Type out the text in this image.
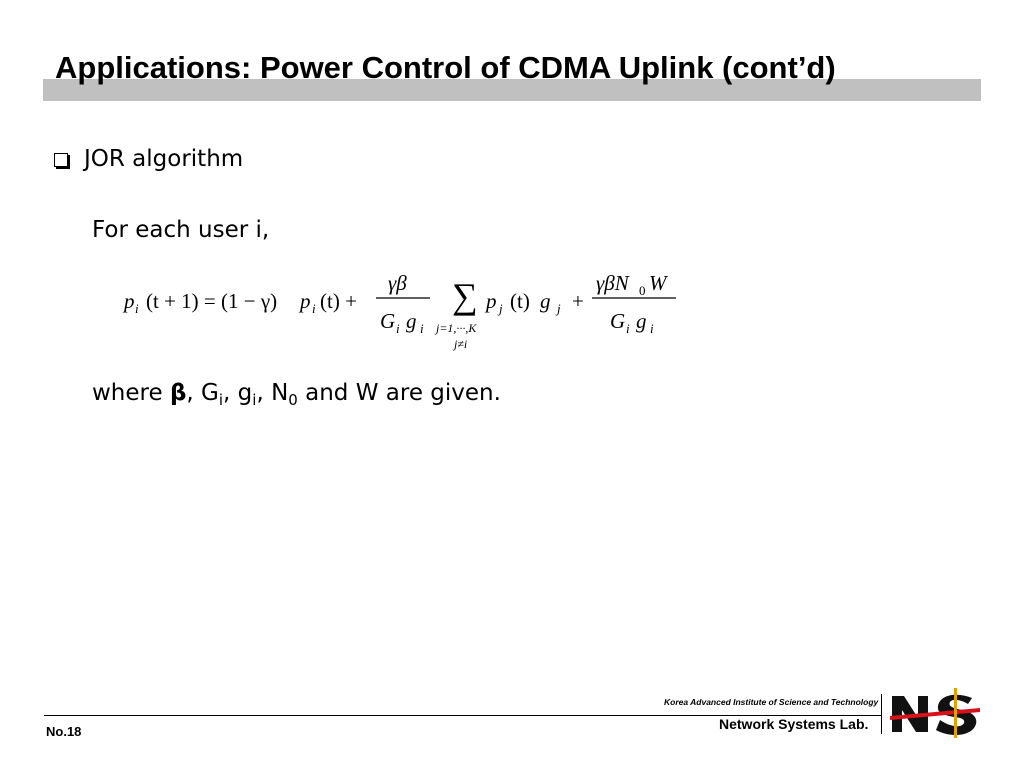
Applications: Power Control of CDMA Uplink (cont’d)
JOR algorithm
For each user i,
p i (t + 1) = (1 − γ) p i (t) +
γβ
G i g i
∑
j=1,···,K
j≠i
p j (t) g j +
γβN 0 W
G i g i
where β, $G_i$, $g_i$, $N_0$ and W are given.
Korea Advanced Institute of Science and Technology
Network Systems Lab.
No.18
